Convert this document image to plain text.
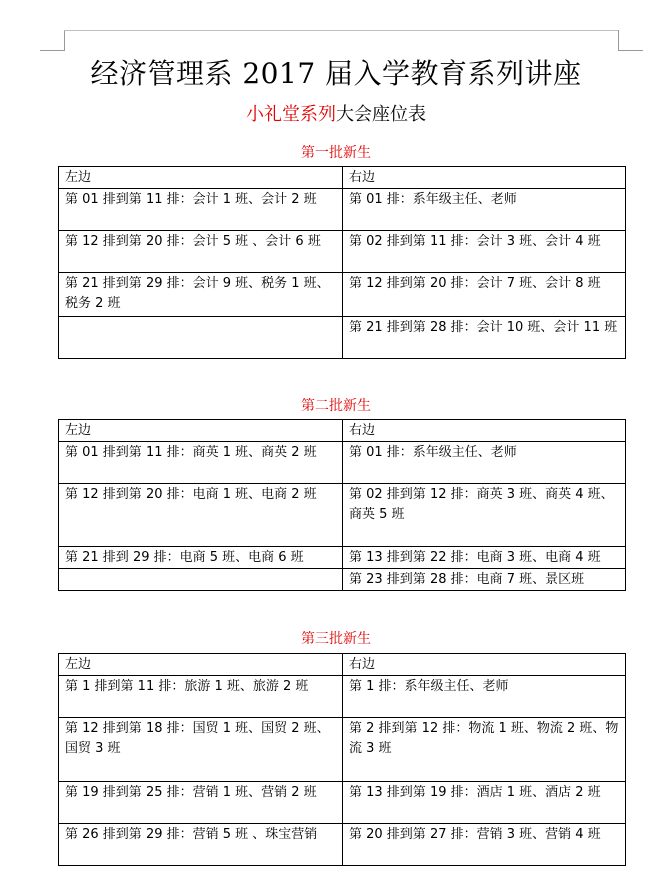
经济管理系 2017 届入学教育系列讲座
小礼堂系列大会座位表
第一批新生
左边	右边
第 01 排到第 11 排：会计 1 班、会计 2 班	第 01 排：系年级主任、老师
第 12 排到第 20 排：会计 5 班 、会计 6 班	第 02 排到第 11 排：会计 3 班、会计 4 班
第 21 排到第 29 排：会计 9 班、税务 1 班、税务 2 班	第 12 排到第 20 排：会计 7 班、会计 8 班
	第 21 排到第 28 排：会计 10 班、会计 11 班
第二批新生
左边	右边
第 01 排到第 11 排：商英 1 班、商英 2 班	第 01 排：系年级主任、老师
第 12 排到第 20 排：电商 1 班、电商 2 班	第 02 排到第 12 排：商英 3 班、商英 4 班、商英 5 班
第 21 排到 29 排：电商 5 班、电商 6 班	第 13 排到第 22 排：电商 3 班、电商 4 班
	第 23 排到第 28 排：电商 7 班、景区班
第三批新生
左边	右边
第 1 排到第 11 排：旅游 1 班、旅游 2 班	第 1 排：系年级主任、老师
第 12 排到第 18 排：国贸 1 班、国贸 2 班、国贸 3 班	第 2 排到第 12 排：物流 1 班、物流 2 班、物流 3 班
第 19 排到第 25 排：营销 1 班、营销 2 班	第 13 排到第 19 排：酒店 1 班、酒店 2 班
第 26 排到第 29 排：营销 5 班 、珠宝营销	第 20 排到第 27 排：营销 3 班、营销 4 班
